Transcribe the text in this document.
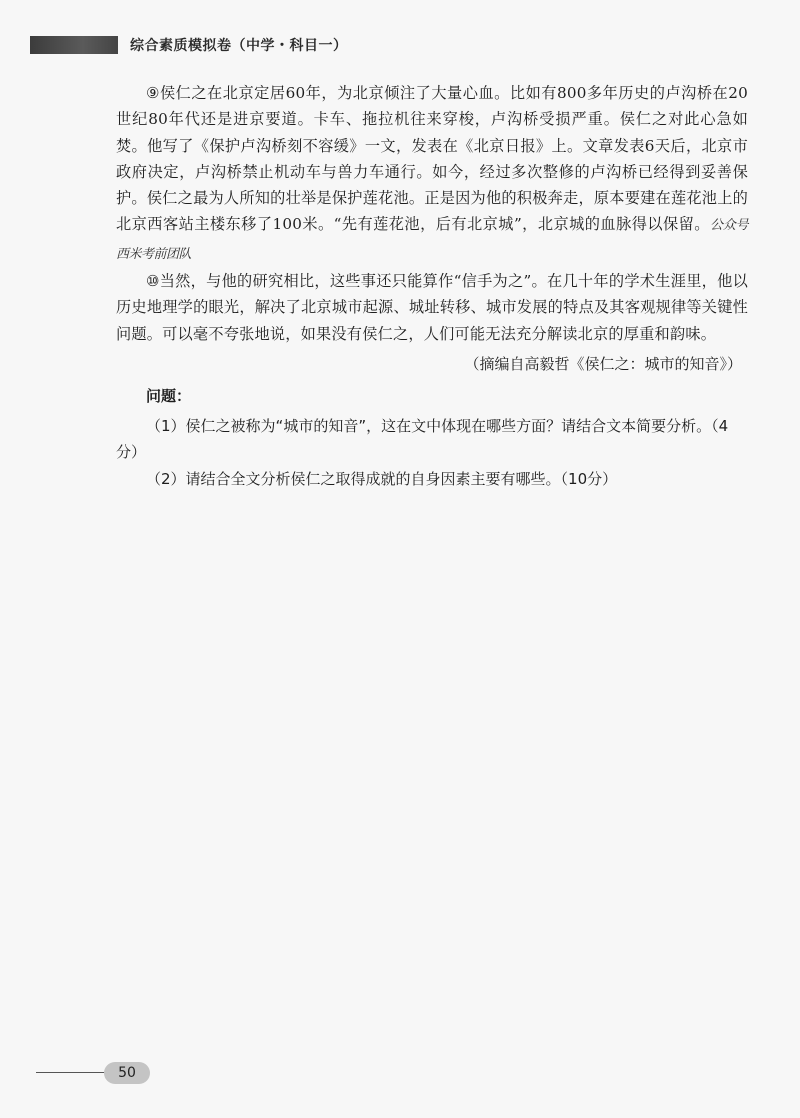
综合素质模拟卷（中学・科目一）

⑨侯仁之在北京定居60年，为北京倾注了大量心血。比如有800多年历史的卢沟桥在20世纪80年代还是进京要道。卡车、拖拉机往来穿梭，卢沟桥受损严重。侯仁之对此心急如焚。他写了《保护卢沟桥刻不容缓》一文，发表在《北京日报》上。文章发表6天后，北京市政府决定，卢沟桥禁止机动车与兽力车通行。如今，经过多次整修的卢沟桥已经得到妥善保护。侯仁之最为人所知的壮举是保护莲花池。正是因为他的积极奔走，原本要建在莲花池上的北京西客站主楼东移了100米。“先有莲花池，后有北京城”，北京城的血脉得以保留。公众号西米考前团队

⑩当然，与他的研究相比，这些事还只能算作“信手为之”。在几十年的学术生涯里，他以历史地理学的眼光，解决了北京城市起源、城址转移、城市发展的特点及其客观规律等关键性问题。可以毫不夸张地说，如果没有侯仁之，人们可能无法充分解读北京的厚重和韵味。

（摘编自高毅哲《侯仁之：城市的知音》）

问题：

（1）侯仁之被称为“城市的知音”，这在文中体现在哪些方面？请结合文本简要分析。（4分）

（2）请结合全文分析侯仁之取得成就的自身因素主要有哪些。（10分）

50
